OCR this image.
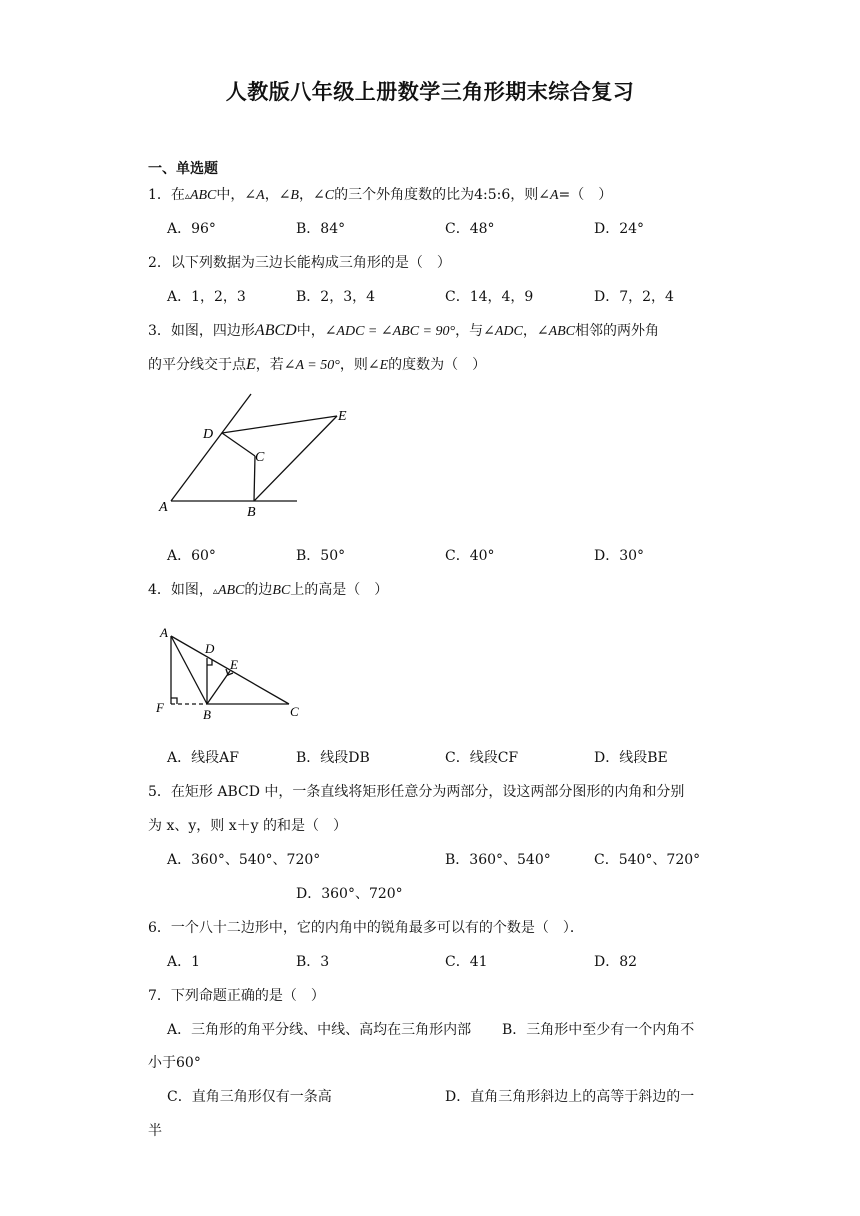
人教版八年级上册数学三角形期末综合复习
一、单选题
1．在▵ABC中，∠A，∠B，∠C的三个外角度数的比为4:5:6，则∠A=（　）
A．96°	B．84°	C．48°	D．24°
2．以下列数据为三边长能构成三角形的是（　）
A．1，2，3	B．2，3，4	C．14，4，9	D．7，2，4
3．如图，四边形ABCD中，∠ADC = ∠ABC = 90°，与∠ADC，∠ABC相邻的两外角
的平分线交于点E，若∠A = 50°，则∠E的度数为（　）
D
C
E
A	B
A．60°	B．50°	C．40°	D．30°
4．如图，▵ABC的边BC上的高是（　）
A
D
E
F	B	C
A．线段AF	B．线段DB	C．线段CF	D．线段BE
5．在矩形 ABCD 中，一条直线将矩形任意分为两部分，设这两部分图形的内角和分别
为 x、y，则 x＋y 的和是（　）
A．360°、540°、720°	B．360°、540°	C．540°、720°
D．360°、720°
6．一个八十二边形中，它的内角中的锐角最多可以有的个数是（　）．
A．1	B．3	C．41	D．82
7．下列命题正确的是（　）
A．三角形的角平分线、中线、高均在三角形内部 B．三角形中至少有一个内角不
小于60°
C．直角三角形仅有一条高	D．直角三角形斜边上的高等于斜边的一
半
